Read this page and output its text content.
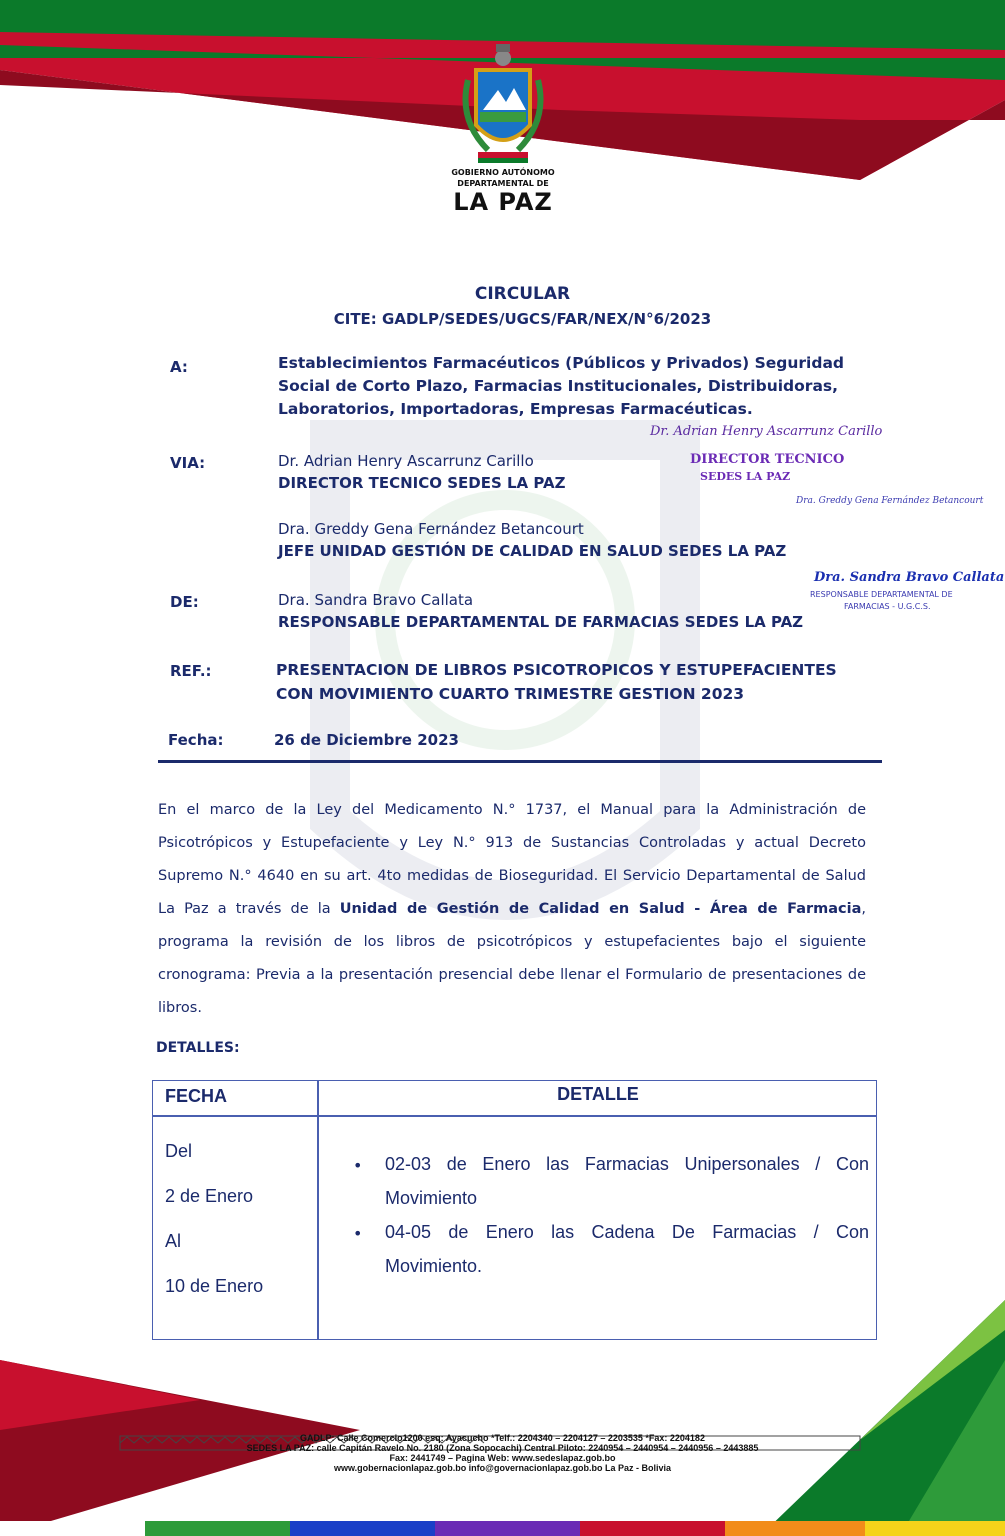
GOBIERNO AUTÓNOMO
DEPARTAMENTAL DE
LA PAZ
CIRCULAR
CITE: GADLP/SEDES/UGCS/FAR/NEX/N°6/2023
A:	Establecimientos Farmacéuticos (Públicos y Privados) Seguridad Social de Corto Plazo, Farmacias Institucionales, Distribuidoras, Laboratorios, Importadoras, Empresas Farmacéuticas.
VIA:	Dr. Adrian Henry Ascarrunz Carillo
DIRECTOR TECNICO SEDES LA PAZ
Dra. Greddy Gena Fernández Betancourt
JEFE UNIDAD GESTIÓN DE CALIDAD EN SALUD SEDES LA PAZ
DE:	Dra. Sandra Bravo Callata
RESPONSABLE DEPARTAMENTAL DE FARMACIAS SEDES LA PAZ
REF.:	PRESENTACION DE LIBROS PSICOTROPICOS Y ESTUPEFACIENTES CON MOVIMIENTO CUARTO TRIMESTRE GESTION 2023
Fecha:	26 de Diciembre 2023
Dr. Adrian Henry Ascarrunz Carillo
DIRECTOR TECNICO
SEDES LA PAZ
Dra. Greddy Gena Fernández Betancourt
Dra. Sandra Bravo Callata
RESPONSABLE DEPARTAMENTAL DE
FARMACIAS - U.G.C.S.
En el marco de la Ley del Medicamento N.° 1737, el Manual para la Administración de Psicotrópicos y Estupefaciente y Ley N.° 913 de Sustancias Controladas y actual Decreto Supremo N.° 4640 en su art. 4to medidas de Bioseguridad. El Servicio Departamental de Salud La Paz a través de la Unidad de Gestión de Calidad en Salud - Área de Farmacia, programa la revisión de los libros de psicotrópicos y estupefacientes bajo el siguiente cronograma: Previa a la presentación presencial debe llenar el Formulario de presentaciones de libros.
DETALLES:
FECHA	DETALLE
Del
2 de Enero
Al
10 de Enero
• 02-03 de Enero las Farmacias Unipersonales / Con Movimiento
• 04-05 de Enero las Cadena De Farmacias / Con Movimiento.
GADLP: Calle Comercio1200 esq: Ayacucho *Telf.: 2204340 – 2204127 – 2203535 *Fax: 2204182
SEDES LA PAZ: calle Capitán Ravelo No. 2180 (Zona Sopocachi) Central Piloto: 2240954 – 2440954 – 2440956 – 2443885
Fax: 2441749 – Pagina Web: www.sedeslapaz.gob.bo
www.gobernacionlapaz.gob.bo info@governacionlapaz.gob.bo La Paz - Bolivia
